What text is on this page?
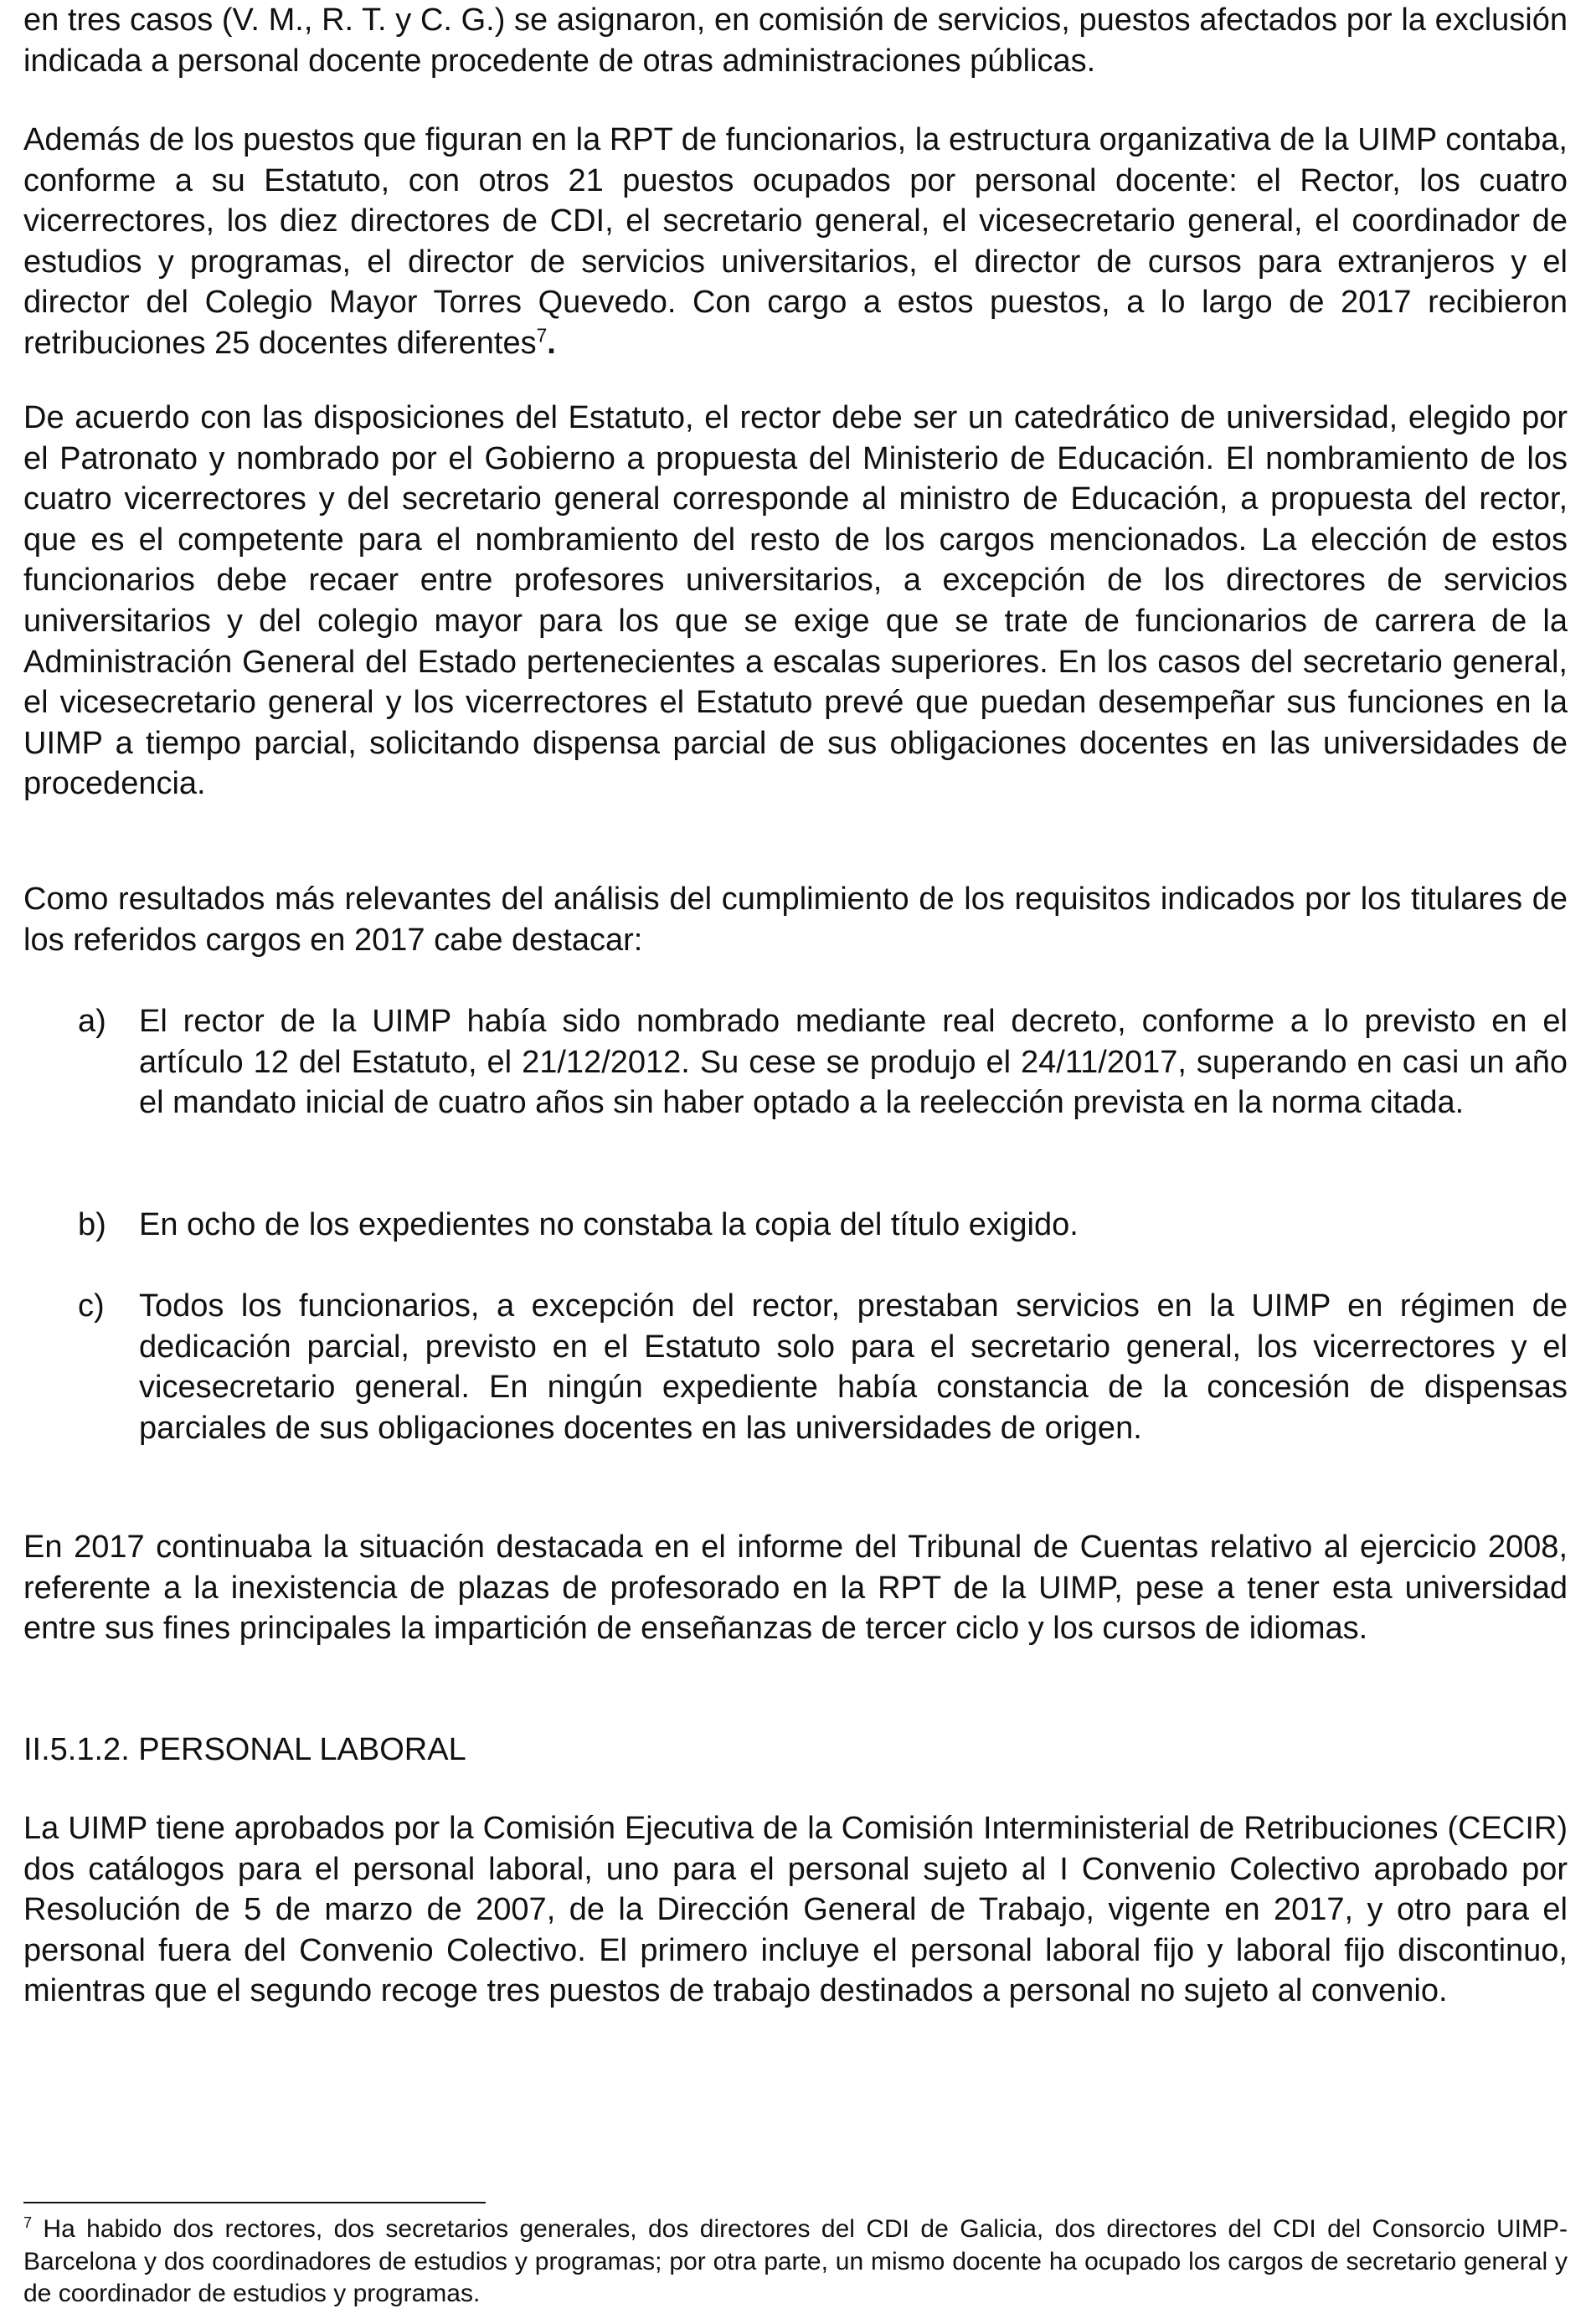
en tres casos (V. M., R. T. y C. G.) se asignaron, en comisión de servicios, puestos afectados por la exclusión indicada a personal docente procedente de otras administraciones públicas.

Además de los puestos que figuran en la RPT de funcionarios, la estructura organizativa de la UIMP contaba, conforme a su Estatuto, con otros 21 puestos ocupados por personal docente: el Rector, los cuatro vicerrectores, los diez directores de CDI, el secretario general, el vicesecretario general, el coordinador de estudios y programas, el director de servicios universitarios, el director de cursos para extranjeros y el director del Colegio Mayor Torres Quevedo. Con cargo a estos puestos, a lo largo de 2017 recibieron retribuciones 25 docentes diferentes$^7$.

De acuerdo con las disposiciones del Estatuto, el rector debe ser un catedrático de universidad, elegido por el Patronato y nombrado por el Gobierno a propuesta del Ministerio de Educación. El nombramiento de los cuatro vicerrectores y del secretario general corresponde al ministro de Educación, a propuesta del rector, que es el competente para el nombramiento del resto de los cargos mencionados. La elección de estos funcionarios debe recaer entre profesores universitarios, a excepción de los directores de servicios universitarios y del colegio mayor para los que se exige que se trate de funcionarios de carrera de la Administración General del Estado pertenecientes a escalas superiores. En los casos del secretario general, el vicesecretario general y los vicerrectores el Estatuto prevé que puedan desempeñar sus funciones en la UIMP a tiempo parcial, solicitando dispensa parcial de sus obligaciones docentes en las universidades de procedencia.

Como resultados más relevantes del análisis del cumplimiento de los requisitos indicados por los titulares de los referidos cargos en 2017 cabe destacar:

a) El rector de la UIMP había sido nombrado mediante real decreto, conforme a lo previsto en el artículo 12 del Estatuto, el 21/12/2012. Su cese se produjo el 24/11/2017, superando en casi un año el mandato inicial de cuatro años sin haber optado a la reelección prevista en la norma citada.

b) En ocho de los expedientes no constaba la copia del título exigido.

c) Todos los funcionarios, a excepción del rector, prestaban servicios en la UIMP en régimen de dedicación parcial, previsto en el Estatuto solo para el secretario general, los vicerrectores y el vicesecretario general. En ningún expediente había constancia de la concesión de dispensas parciales de sus obligaciones docentes en las universidades de origen.

En 2017 continuaba la situación destacada en el informe del Tribunal de Cuentas relativo al ejercicio 2008, referente a la inexistencia de plazas de profesorado en la RPT de la UIMP, pese a tener esta universidad entre sus fines principales la impartición de enseñanzas de tercer ciclo y los cursos de idiomas.

II.5.1.2. PERSONAL LABORAL

La UIMP tiene aprobados por la Comisión Ejecutiva de la Comisión Interministerial de Retribuciones (CECIR) dos catálogos para el personal laboral, uno para el personal sujeto al I Convenio Colectivo aprobado por Resolución de 5 de marzo de 2007, de la Dirección General de Trabajo, vigente en 2017, y otro para el personal fuera del Convenio Colectivo. El primero incluye el personal laboral fijo y laboral fijo discontinuo, mientras que el segundo recoge tres puestos de trabajo destinados a personal no sujeto al convenio.

$^7$ Ha habido dos rectores, dos secretarios generales, dos directores del CDI de Galicia, dos directores del CDI del Consorcio UIMP-Barcelona y dos coordinadores de estudios y programas; por otra parte, un mismo docente ha ocupado los cargos de secretario general y de coordinador de estudios y programas.
